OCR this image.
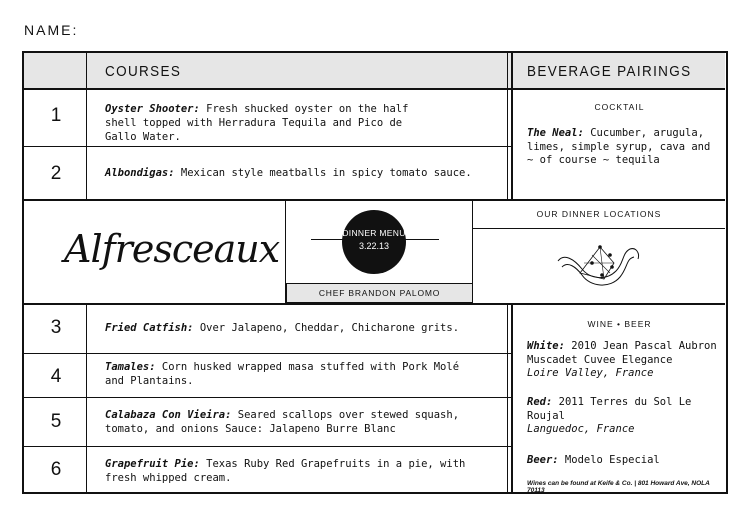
NAME:
COURSES	BEVERAGE PAIRINGS
1	Oyster Shooter: Fresh shucked oyster on the half shell topped with Herradura Tequila and Pico de Gallo Water.
2	Albondigas: Mexican style meatballs in spicy tomato sauce.
COCKTAIL
The Neal: Cucumber, arugula, limes, simple syrup, cava and ~ of course ~ tequila
Alfresceaux	DINNER MENU
3.22.13
CHEF BRANDON PALOMO
OUR DINNER LOCATIONS
3	Fried Catfish: Over Jalapeno, Cheddar, Chicharone grits.
4	Tamales: Corn husked wrapped masa stuffed with Pork Molé and Plantains.
5	Calabaza Con Vieira: Seared scallops over stewed squash, tomato, and onions Sauce: Jalapeno Burre Blanc
6	Grapefruit Pie: Texas Ruby Red Grapefruits in a pie, with fresh whipped cream.
WINE • BEER
White: 2010 Jean Pascal Aubron Muscadet Cuvee Elegance
Loire Valley, France
Red: 2011 Terres du Sol Le Roujal
Languedoc, France
Beer: Modelo Especial
Wines can be found at Keife & Co. | 801 Howard Ave, NOLA 70113
